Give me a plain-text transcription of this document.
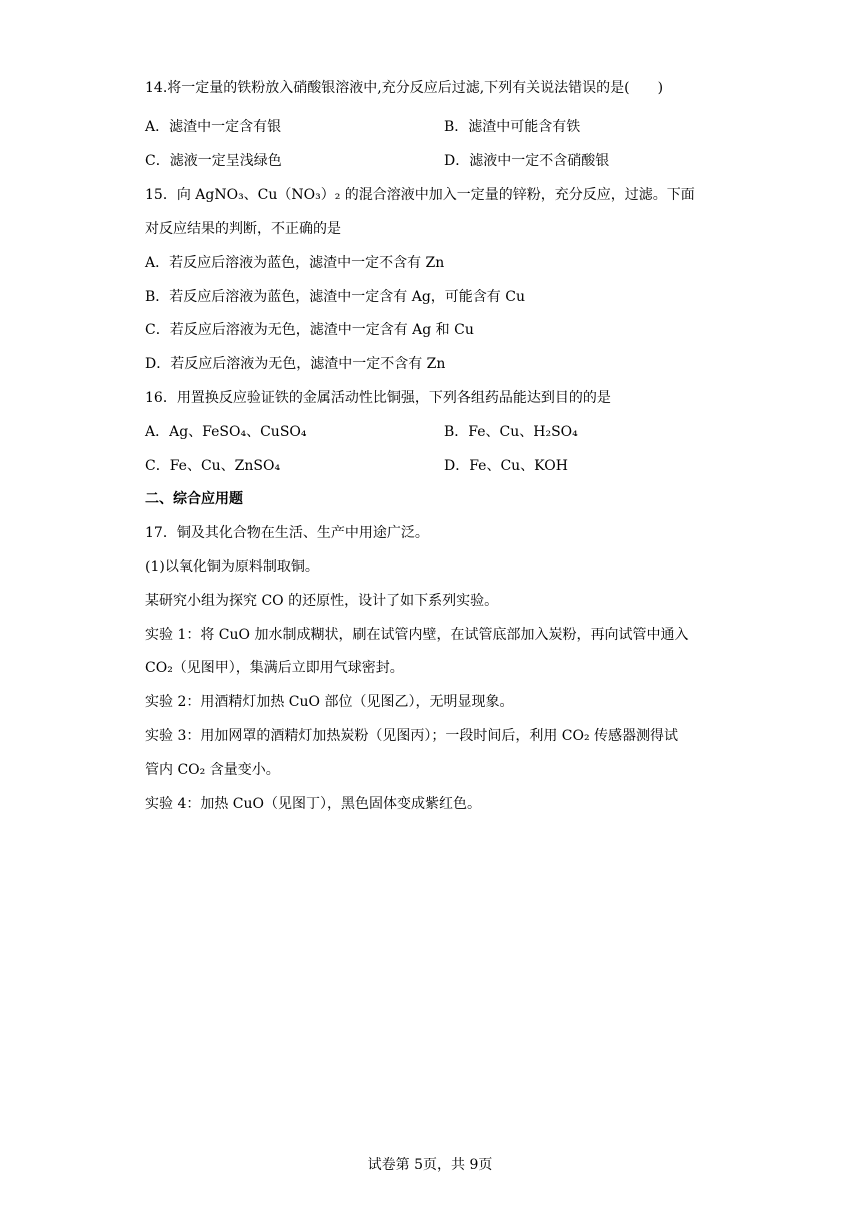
14.将一定量的铁粉放入硝酸银溶液中,充分反应后过滤,下列有关说法错误的是(　　)
A．滤渣中一定含有银	B．滤渣中可能含有铁
C．滤液一定呈浅绿色	D．滤液中一定不含硝酸银
15．向 AgNO₃、Cu（NO₃）₂ 的混合溶液中加入一定量的锌粉，充分反应，过滤。下面
对反应结果的判断，不正确的是
A．若反应后溶液为蓝色，滤渣中一定不含有 Zn
B．若反应后溶液为蓝色，滤渣中一定含有 Ag，可能含有 Cu
C．若反应后溶液为无色，滤渣中一定含有 Ag 和 Cu
D．若反应后溶液为无色，滤渣中一定不含有 Zn
16．用置换反应验证铁的金属活动性比铜强，下列各组药品能达到目的的是
A．Ag、FeSO₄、CuSO₄	B．Fe、Cu、H₂SO₄
C．Fe、Cu、ZnSO₄	D．Fe、Cu、KOH
二、综合应用题
17．铜及其化合物在生活、生产中用途广泛。
(1)以氧化铜为原料制取铜。
某研究小组为探究 CO 的还原性，设计了如下系列实验。
实验 1：将 CuO 加水制成糊状，刷在试管内壁，在试管底部加入炭粉，再向试管中通入
CO₂（见图甲），集满后立即用气球密封。
实验 2：用酒精灯加热 CuO 部位（见图乙），无明显现象。
实验 3：用加网罩的酒精灯加热炭粉（见图丙）；一段时间后，利用 CO₂ 传感器测得试
管内 CO₂ 含量变小。
实验 4：加热 CuO（见图丁），黑色固体变成紫红色。
试卷第 5页，共 9页
